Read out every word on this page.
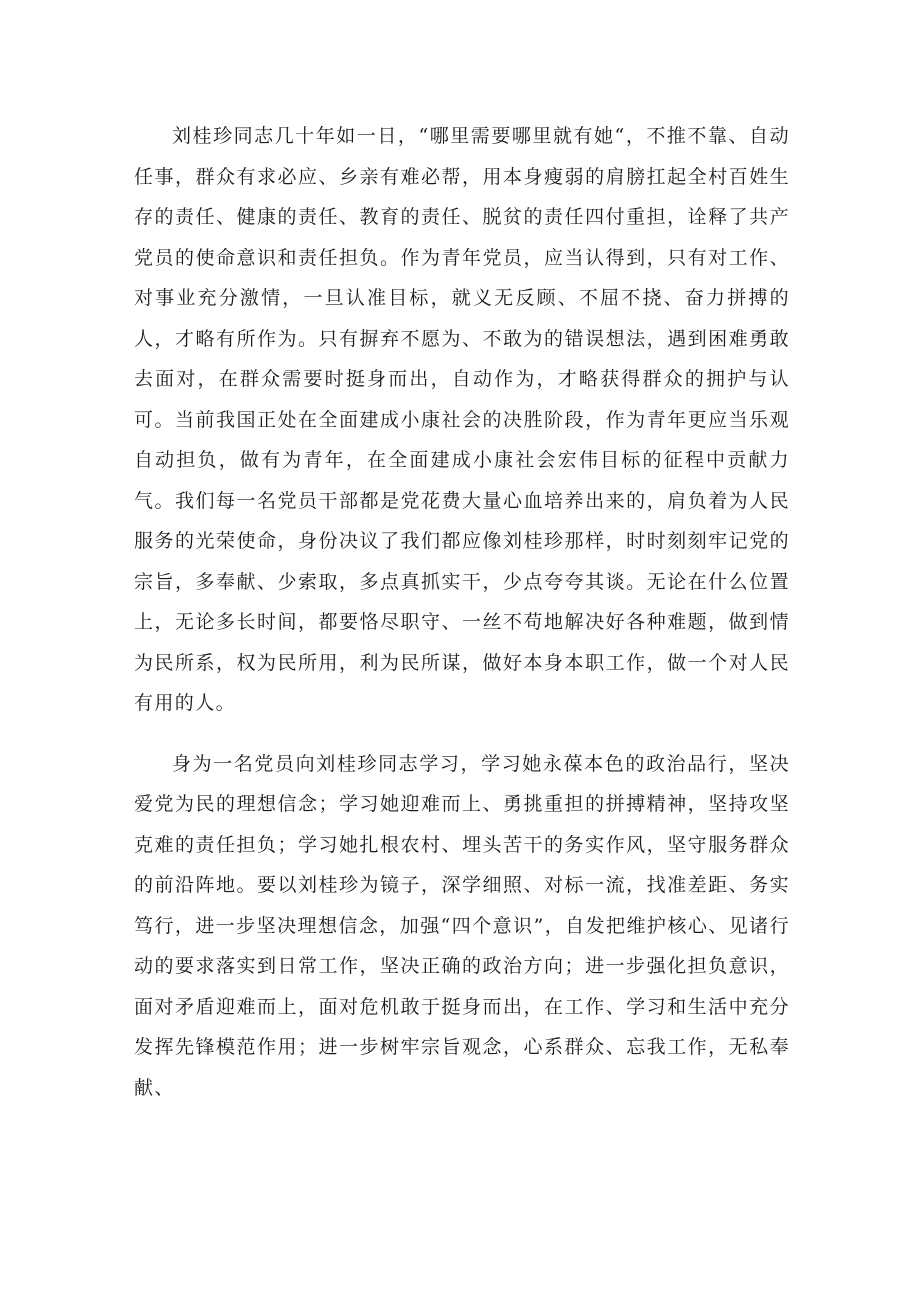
刘桂珍同志几十年如一日，“哪里需要哪里就有她“，不推不靠、自动任事，群众有求必应、乡亲有难必帮，用本身瘦弱的肩膀扛起全村百姓生存的责任、健康的责任、教育的责任、脱贫的责任四付重担，诠释了共产党员的使命意识和责任担负。作为青年党员，应当认得到，只有对工作、对事业充分激情，一旦认准目标，就义无反顾、不屈不挠、奋力拼搏的人，才略有所作为。只有摒弃不愿为、不敢为的错误想法，遇到困难勇敢去面对，在群众需要时挺身而出，自动作为，才略获得群众的拥护与认可。当前我国正处在全面建成小康社会的决胜阶段，作为青年更应当乐观自动担负，做有为青年，在全面建成小康社会宏伟目标的征程中贡献力气。我们每一名党员干部都是党花费大量心血培养出来的，肩负着为人民服务的光荣使命，身份决议了我们都应像刘桂珍那样，时时刻刻牢记党的宗旨，多奉献、少索取，多点真抓实干，少点夸夸其谈。无论在什么位置上，无论多长时间，都要恪尽职守、一丝不苟地解决好各种难题，做到情为民所系，权为民所用，利为民所谋，做好本身本职工作，做一个对人民有用的人。

身为一名党员向刘桂珍同志学习，学习她永葆本色的政治品行，坚决爱党为民的理想信念；学习她迎难而上、勇挑重担的拼搏精神，坚持攻坚克难的责任担负；学习她扎根农村、埋头苦干的务实作风，坚守服务群众的前沿阵地。要以刘桂珍为镜子，深学细照、对标一流，找准差距、务实笃行，进一步坚决理想信念，加强“四个意识”，自发把维护核心、见诸行动的要求落实到日常工作，坚决正确的政治方向；进一步强化担负意识，面对矛盾迎难而上，面对危机敢于挺身而出，在工作、学习和生活中充分发挥先锋模范作用；进一步树牢宗旨观念，心系群众、忘我工作，无私奉献、
